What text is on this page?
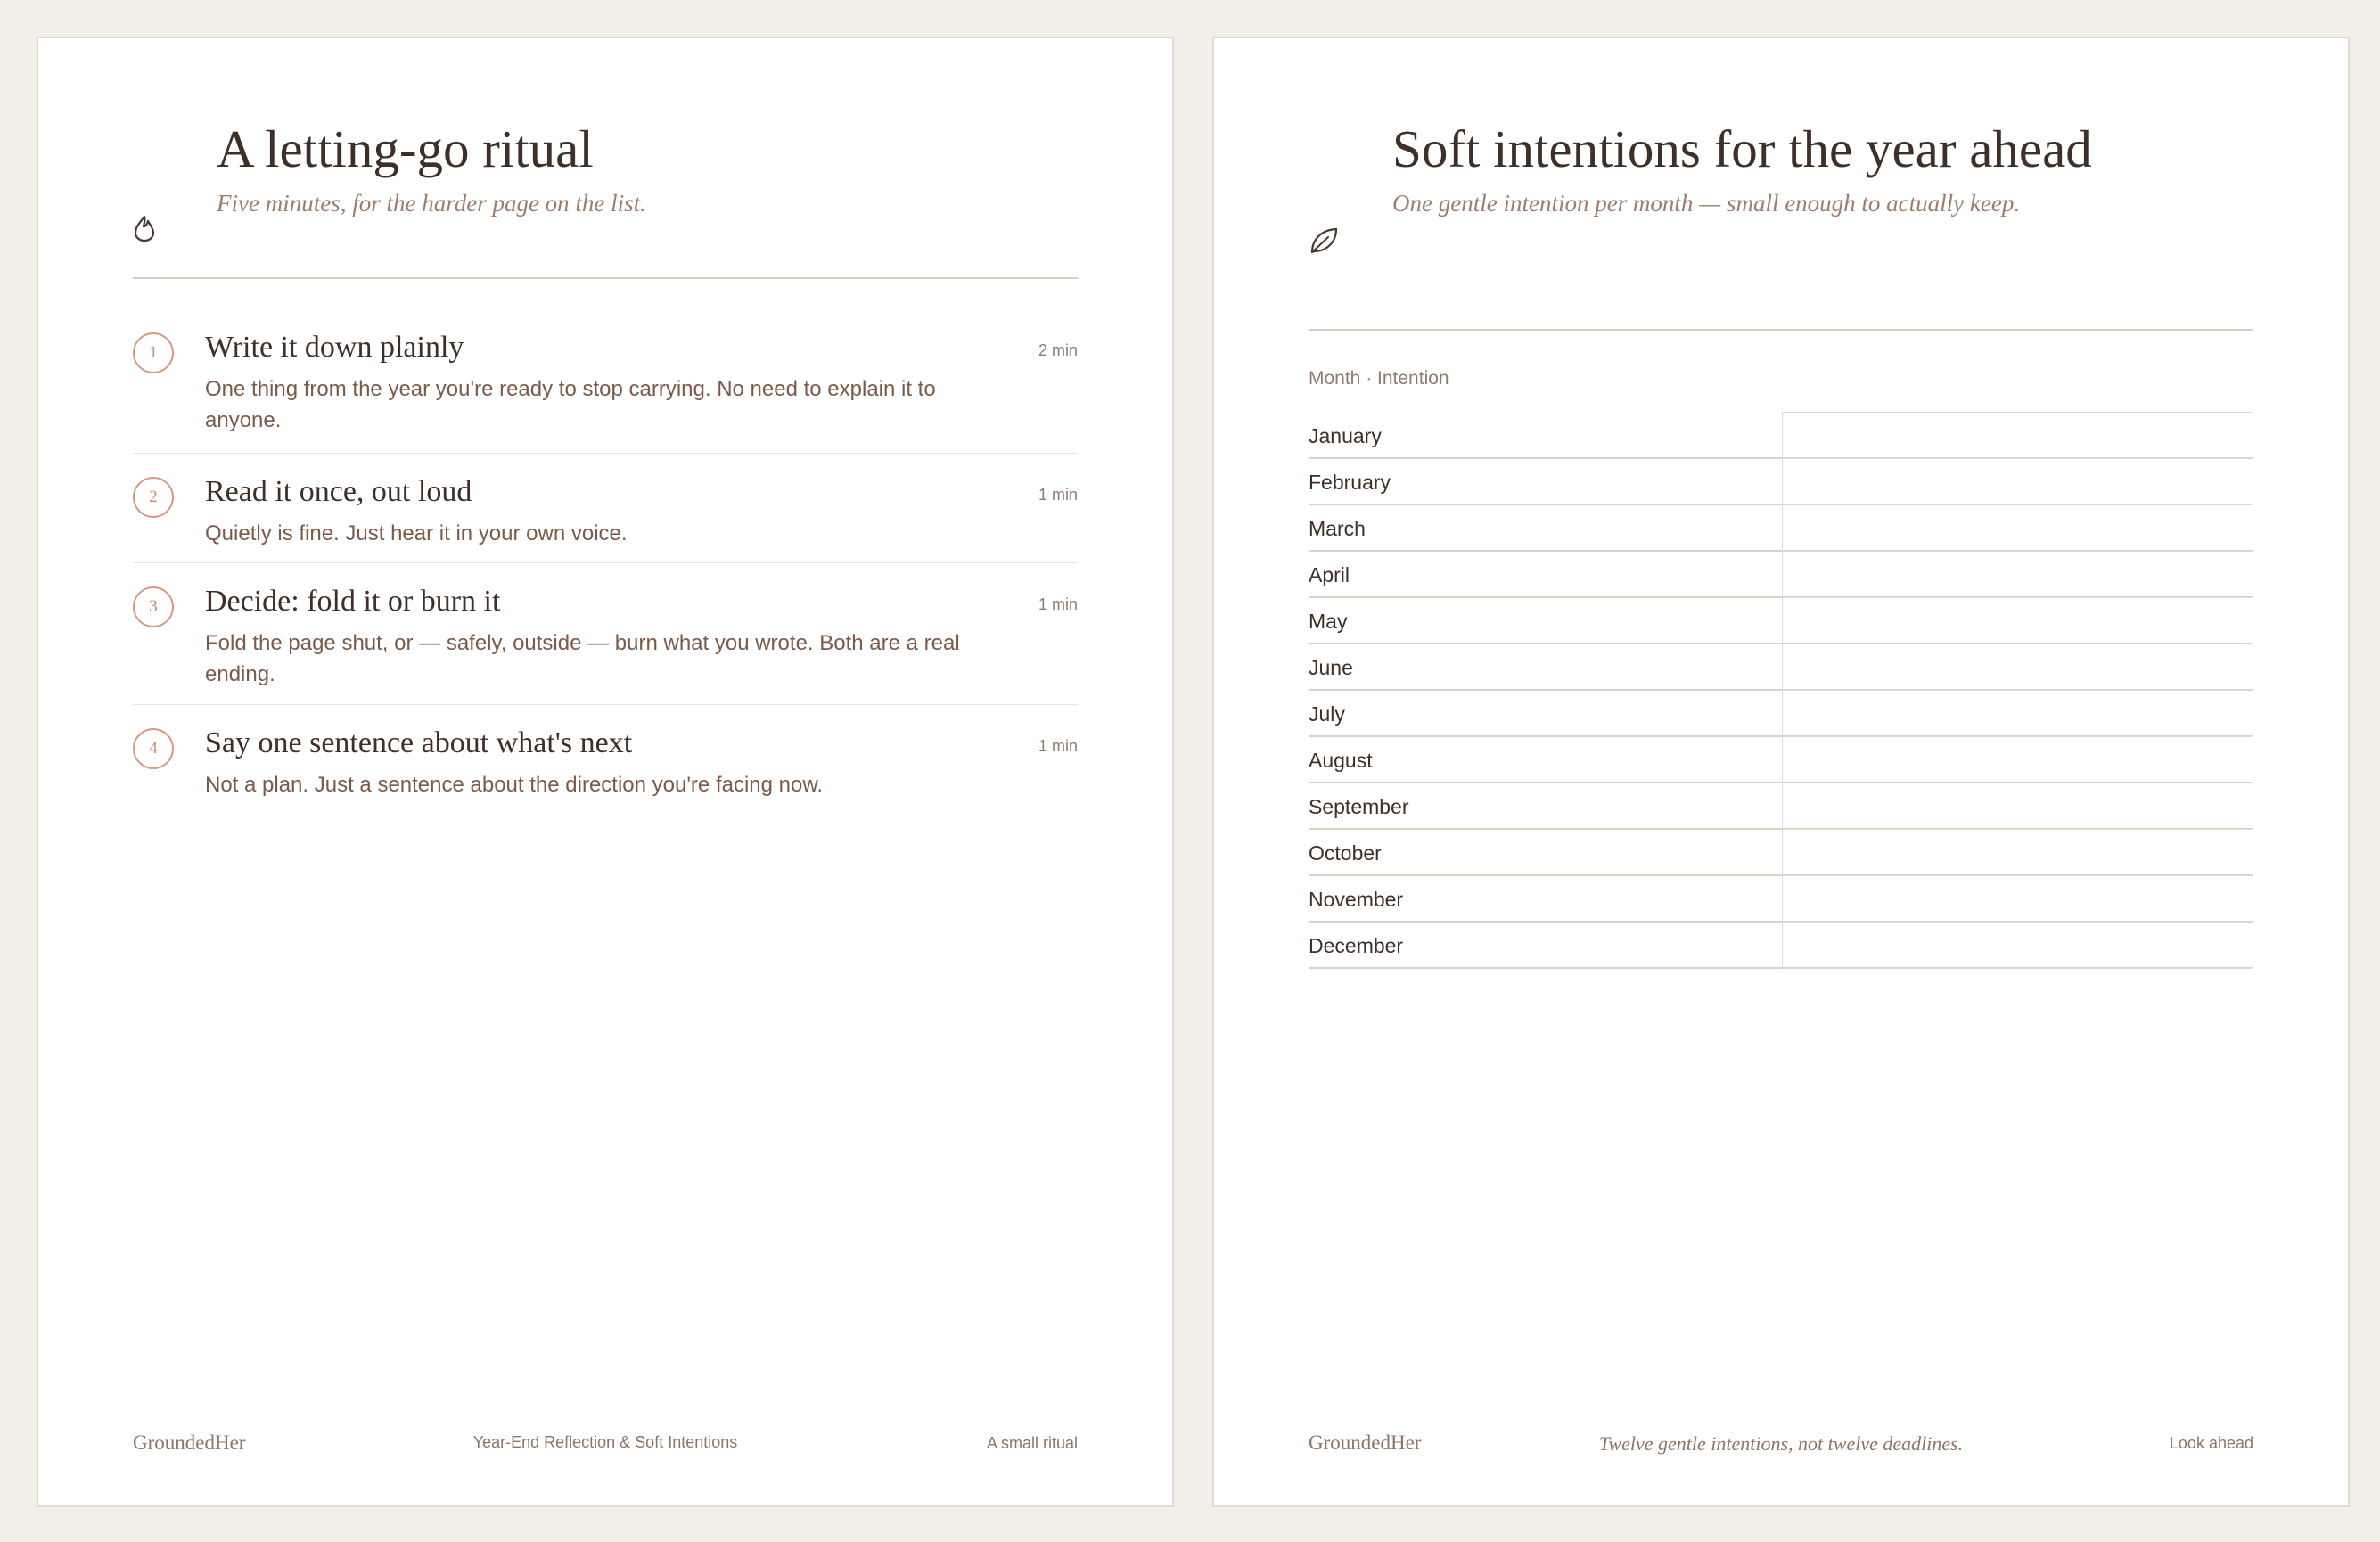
A letting-go ritual

Five minutes, for the harder page on the list.

1	Write it down plainly
One thing from the year you're ready to stop carrying. No need to explain it to anyone.
2 min
2	Read it once, out loud
Quietly is fine. Just hear it in your own voice.
1 min
3	Decide: fold it or burn it
Fold the page shut, or — safely, outside — burn what you wrote. Both are a real ending.
1 min
4	Say one sentence about what's next
Not a plan. Just a sentence about the direction you're facing now.
1 min
GroundedHer	Year-End Reflection & Soft Intentions	A small ritual
Soft intentions for the year ahead

One gentle intention per month — small enough to actually keep.

Month · Intention
January
February
March
April
May
June
July
August
September
October
November
December
GroundedHer	Twelve gentle intentions, not twelve deadlines.	Look ahead
